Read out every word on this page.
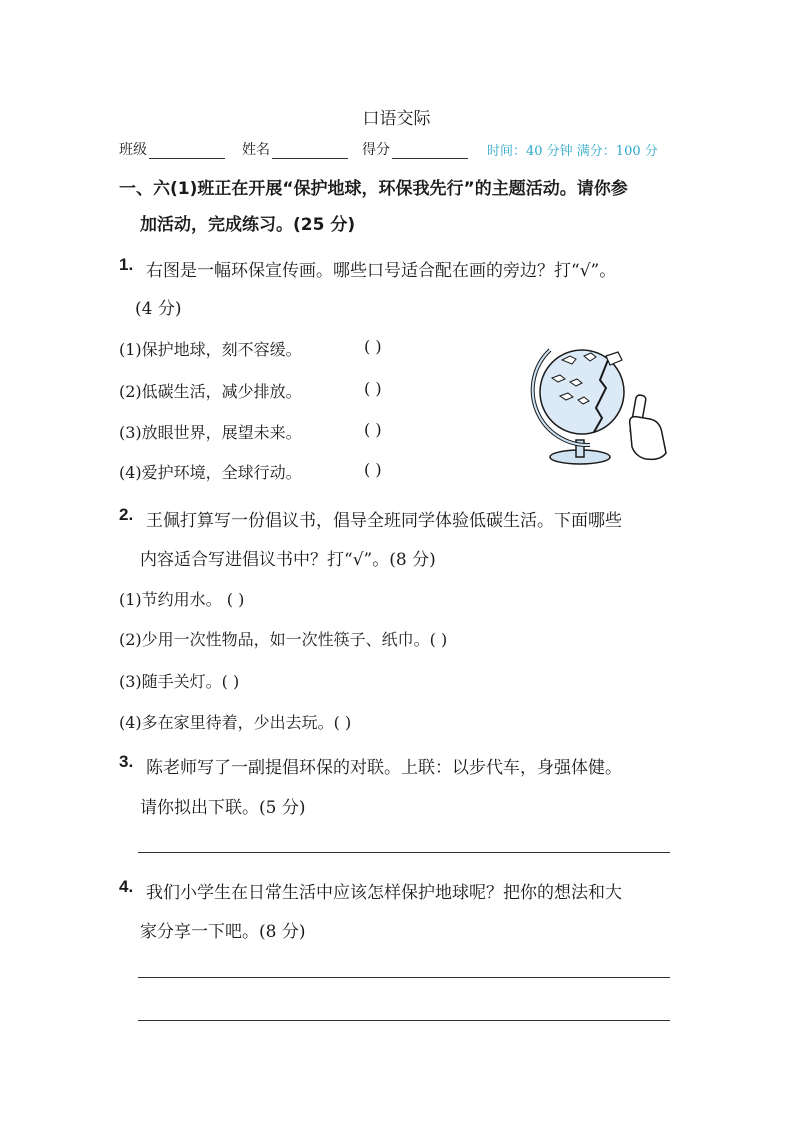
口语交际
班级	姓名	得分	时间：40 分钟 满分：100 分
一、六(1)班正在开展“保护地球，环保我先行”的主题活动。请你参
加活动，完成练习。(25 分)
1. 右图是一幅环保宣传画。哪些口号适合配在画的旁边？打“√”。
(4 分)
(1)保护地球，刻不容缓。	( )
(2)低碳生活，减少排放。	( )
(3)放眼世界，展望未来。	( )
(4)爱护环境，全球行动。	( )
2. 王佩打算写一份倡议书，倡导全班同学体验低碳生活。下面哪些
内容适合写进倡议书中？打“√”。(8 分)
(1)节约用水。 ( )
(2)少用一次性物品，如一次性筷子、纸巾。( )
(3)随手关灯。( )
(4)多在家里待着，少出去玩。( )
3. 陈老师写了一副提倡环保的对联。上联：以步代车，身强体健。
请你拟出下联。(5 分)
4. 我们小学生在日常生活中应该怎样保护地球呢？把你的想法和大
家分享一下吧。(8 分)
